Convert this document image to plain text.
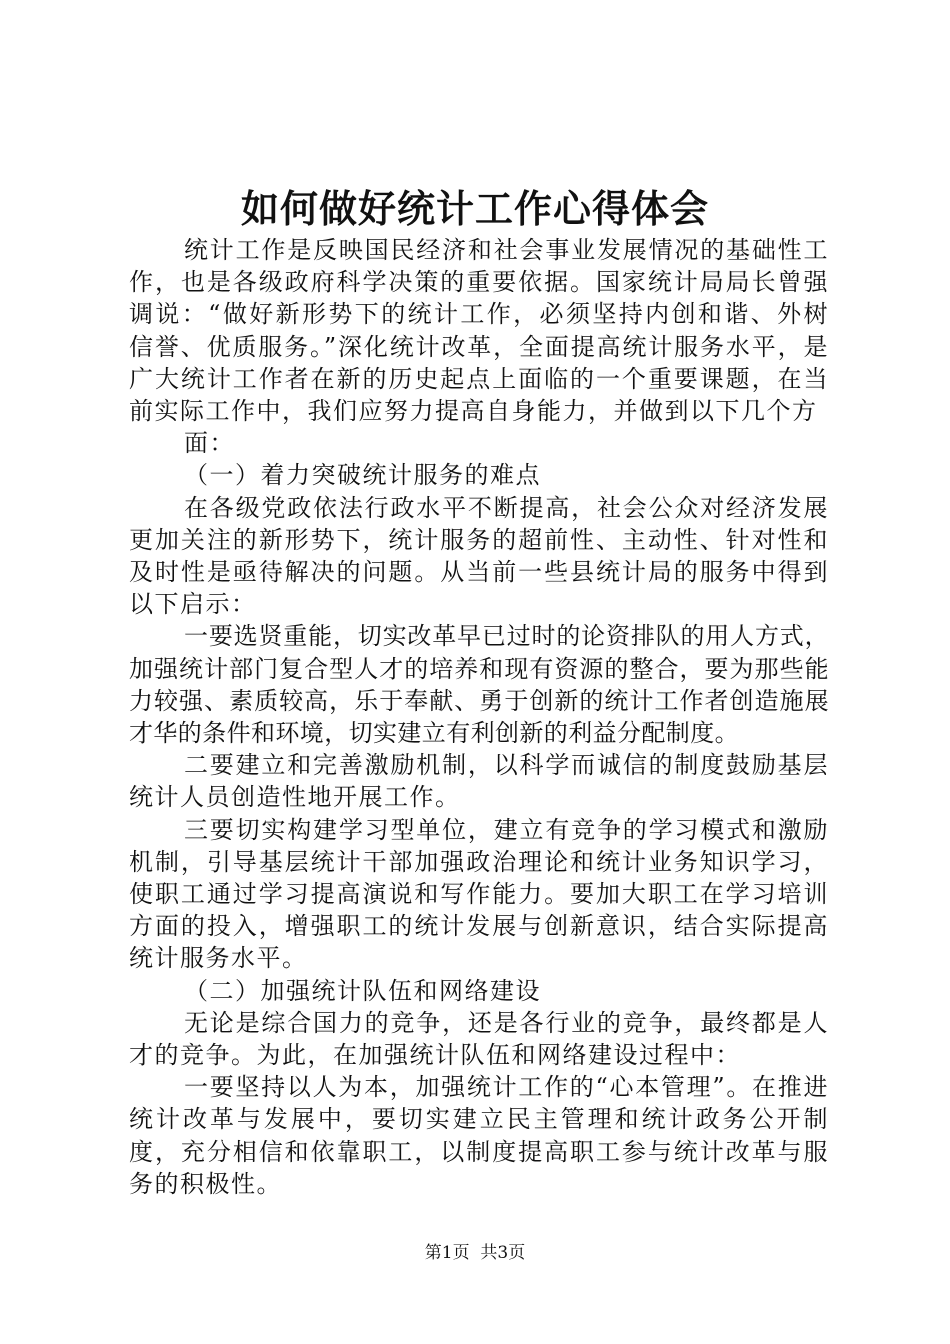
如何做好统计工作心得体会

统计工作是反映国民经济和社会事业发展情况的基础性工作，也是各级政府科学决策的重要依据。国家统计局局长曾强调说：“做好新形势下的统计工作，必须坚持内创和谐、外树信誉、优质服务。”深化统计改革，全面提高统计服务水平，是广大统计工作者在新的历史起点上面临的一个重要课题，在当前实际工作中，我们应努力提高自身能力，并做到以下几个方

面：

（一）着力突破统计服务的难点

在各级党政依法行政水平不断提高，社会公众对经济发展更加关注的新形势下，统计服务的超前性、主动性、针对性和及时性是亟待解决的问题。从当前一些县统计局的服务中得到以下启示：

一要选贤重能，切实改革早已过时的论资排队的用人方式，加强统计部门复合型人才的培养和现有资源的整合，要为那些能力较强、素质较高，乐于奉献、勇于创新的统计工作者创造施展才华的条件和环境，切实建立有利创新的利益分配制度。

二要建立和完善激励机制，以科学而诚信的制度鼓励基层统计人员创造性地开展工作。

三要切实构建学习型单位，建立有竞争的学习模式和激励机制，引导基层统计干部加强政治理论和统计业务知识学习，使职工通过学习提高演说和写作能力。要加大职工在学习培训方面的投入，增强职工的统计发展与创新意识，结合实际提高统计服务水平。

（二）加强统计队伍和网络建设

无论是综合国力的竞争，还是各行业的竞争，最终都是人才的竞争。为此，在加强统计队伍和网络建设过程中：

一要坚持以人为本，加强统计工作的“心本管理”。在推进统计改革与发展中，要切实建立民主管理和统计政务公开制度，充分相信和依靠职工，以制度提高职工参与统计改革与服务的积极性。

第1页  共3页
